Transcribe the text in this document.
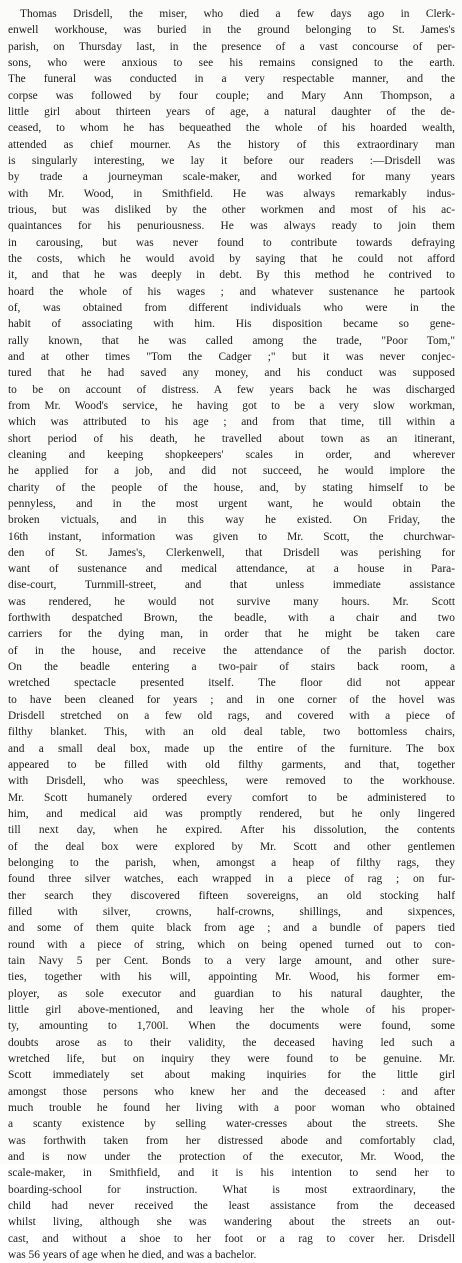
Thomas Drisdell, the miser, who died a few days ago in Clerk-
enwell workhouse, was buried in the ground belonging to St. James's
parish, on Thursday last, in the presence of a vast concourse of per-
sons, who were anxious to see his remains consigned to the earth.
The funeral was conducted in a very respectable manner, and the
corpse was followed by four couple; and Mary Ann Thompson, a
little girl about thirteen years of age, a natural daughter of the de-
ceased, to whom he has bequeathed the whole of his hoarded wealth,
attended as chief mourner. As the history of this extraordinary man
is singularly interesting, we lay it before our readers :—Drisdell was
by trade a journeyman scale-maker, and worked for many years
with Mr. Wood, in Smithfield. He was always remarkably indus-
trious, but was disliked by the other workmen and most of his ac-
quaintances for his penuriousness. He was always ready to join them
in carousing, but was never found to contribute towards defraying
the costs, which he would avoid by saying that he could not afford
it, and that he was deeply in debt. By this method he contrived to
hoard the whole of his wages ; and whatever sustenance he partook
of, was obtained from different individuals who were in the
habit of associating with him. His disposition became so gene-
rally known, that he was called among the trade, "Poor Tom,"
and at other times "Tom the Cadger ;" but it was never conjec-
tured that he had saved any money, and his conduct was supposed
to be on account of distress. A few years back he was discharged
from Mr. Wood's service, he having got to be a very slow workman,
which was attributed to his age ; and from that time, till within a
short period of his death, he travelled about town as an itinerant,
cleaning and keeping shopkeepers' scales in order, and wherever
he applied for a job, and did not succeed, he would implore the
charity of the people of the house, and, by stating himself to be
pennyless, and in the most urgent want, he would obtain the
broken victuals, and in this way he existed. On Friday, the
16th instant, information was given to Mr. Scott, the churchwar-
den of St. James's, Clerkenwell, that Drisdell was perishing for
want of sustenance and medical attendance, at a house in Para-
dise-court, Turnmill-street, and that unless immediate assistance
was rendered, he would not survive many hours. Mr. Scott
forthwith despatched Brown, the beadle, with a chair and two
carriers for the dying man, in order that he might be taken care
of in the house, and receive the attendance of the parish doctor.
On the beadle entering a two-pair of stairs back room, a
wretched spectacle presented itself. The floor did not appear
to have been cleaned for years ; and in one corner of the hovel was
Drisdell stretched on a few old rags, and covered with a piece of
filthy blanket. This, with an old deal table, two bottomless chairs,
and a small deal box, made up the entire of the furniture. The box
appeared to be filled with old filthy garments, and that, together
with Drisdell, who was speechless, were removed to the workhouse.
Mr. Scott humanely ordered every comfort to be administered to
him, and medical aid was promptly rendered, but he only lingered
till next day, when he expired. After his dissolution, the contents
of the deal box were explored by Mr. Scott and other gentlemen
belonging to the parish, when, amongst a heap of filthy rags, they
found three silver watches, each wrapped in a piece of rag ; on fur-
ther search they discovered fifteen sovereigns, an old stocking half
filled with silver, crowns, half-crowns, shillings, and sixpences,
and some of them quite black from age ; and a bundle of papers tied
round with a piece of string, which on being opened turned out to con-
tain Navy 5 per Cent. Bonds to a very large amount, and other sure-
ties, together with his will, appointing Mr. Wood, his former em-
ployer, as sole executor and guardian to his natural daughter, the
little girl above-mentioned, and leaving her the whole of his proper-
ty, amounting to 1,700l. When the documents were found, some
doubts arose as to their validity, the deceased having led such a
wretched life, but on inquiry they were found to be genuine. Mr.
Scott immediately set about making inquiries for the little girl
amongst those persons who knew her and the deceased : and after
much trouble he found her living with a poor woman who obtained
a scanty existence by selling water-cresses about the streets. She
was forthwith taken from her distressed abode and comfortably clad,
and is now under the protection of the executor, Mr. Wood, the
scale-maker, in Smithfield, and it is his intention to send her to
boarding-school for instruction. What is most extraordinary, the
child had never received the least assistance from the deceased
whilst living, although she was wandering about the streets an out-
cast, and without a shoe to her foot or a rag to cover her. Drisdell
was 56 years of age when he died, and was a bachelor.
